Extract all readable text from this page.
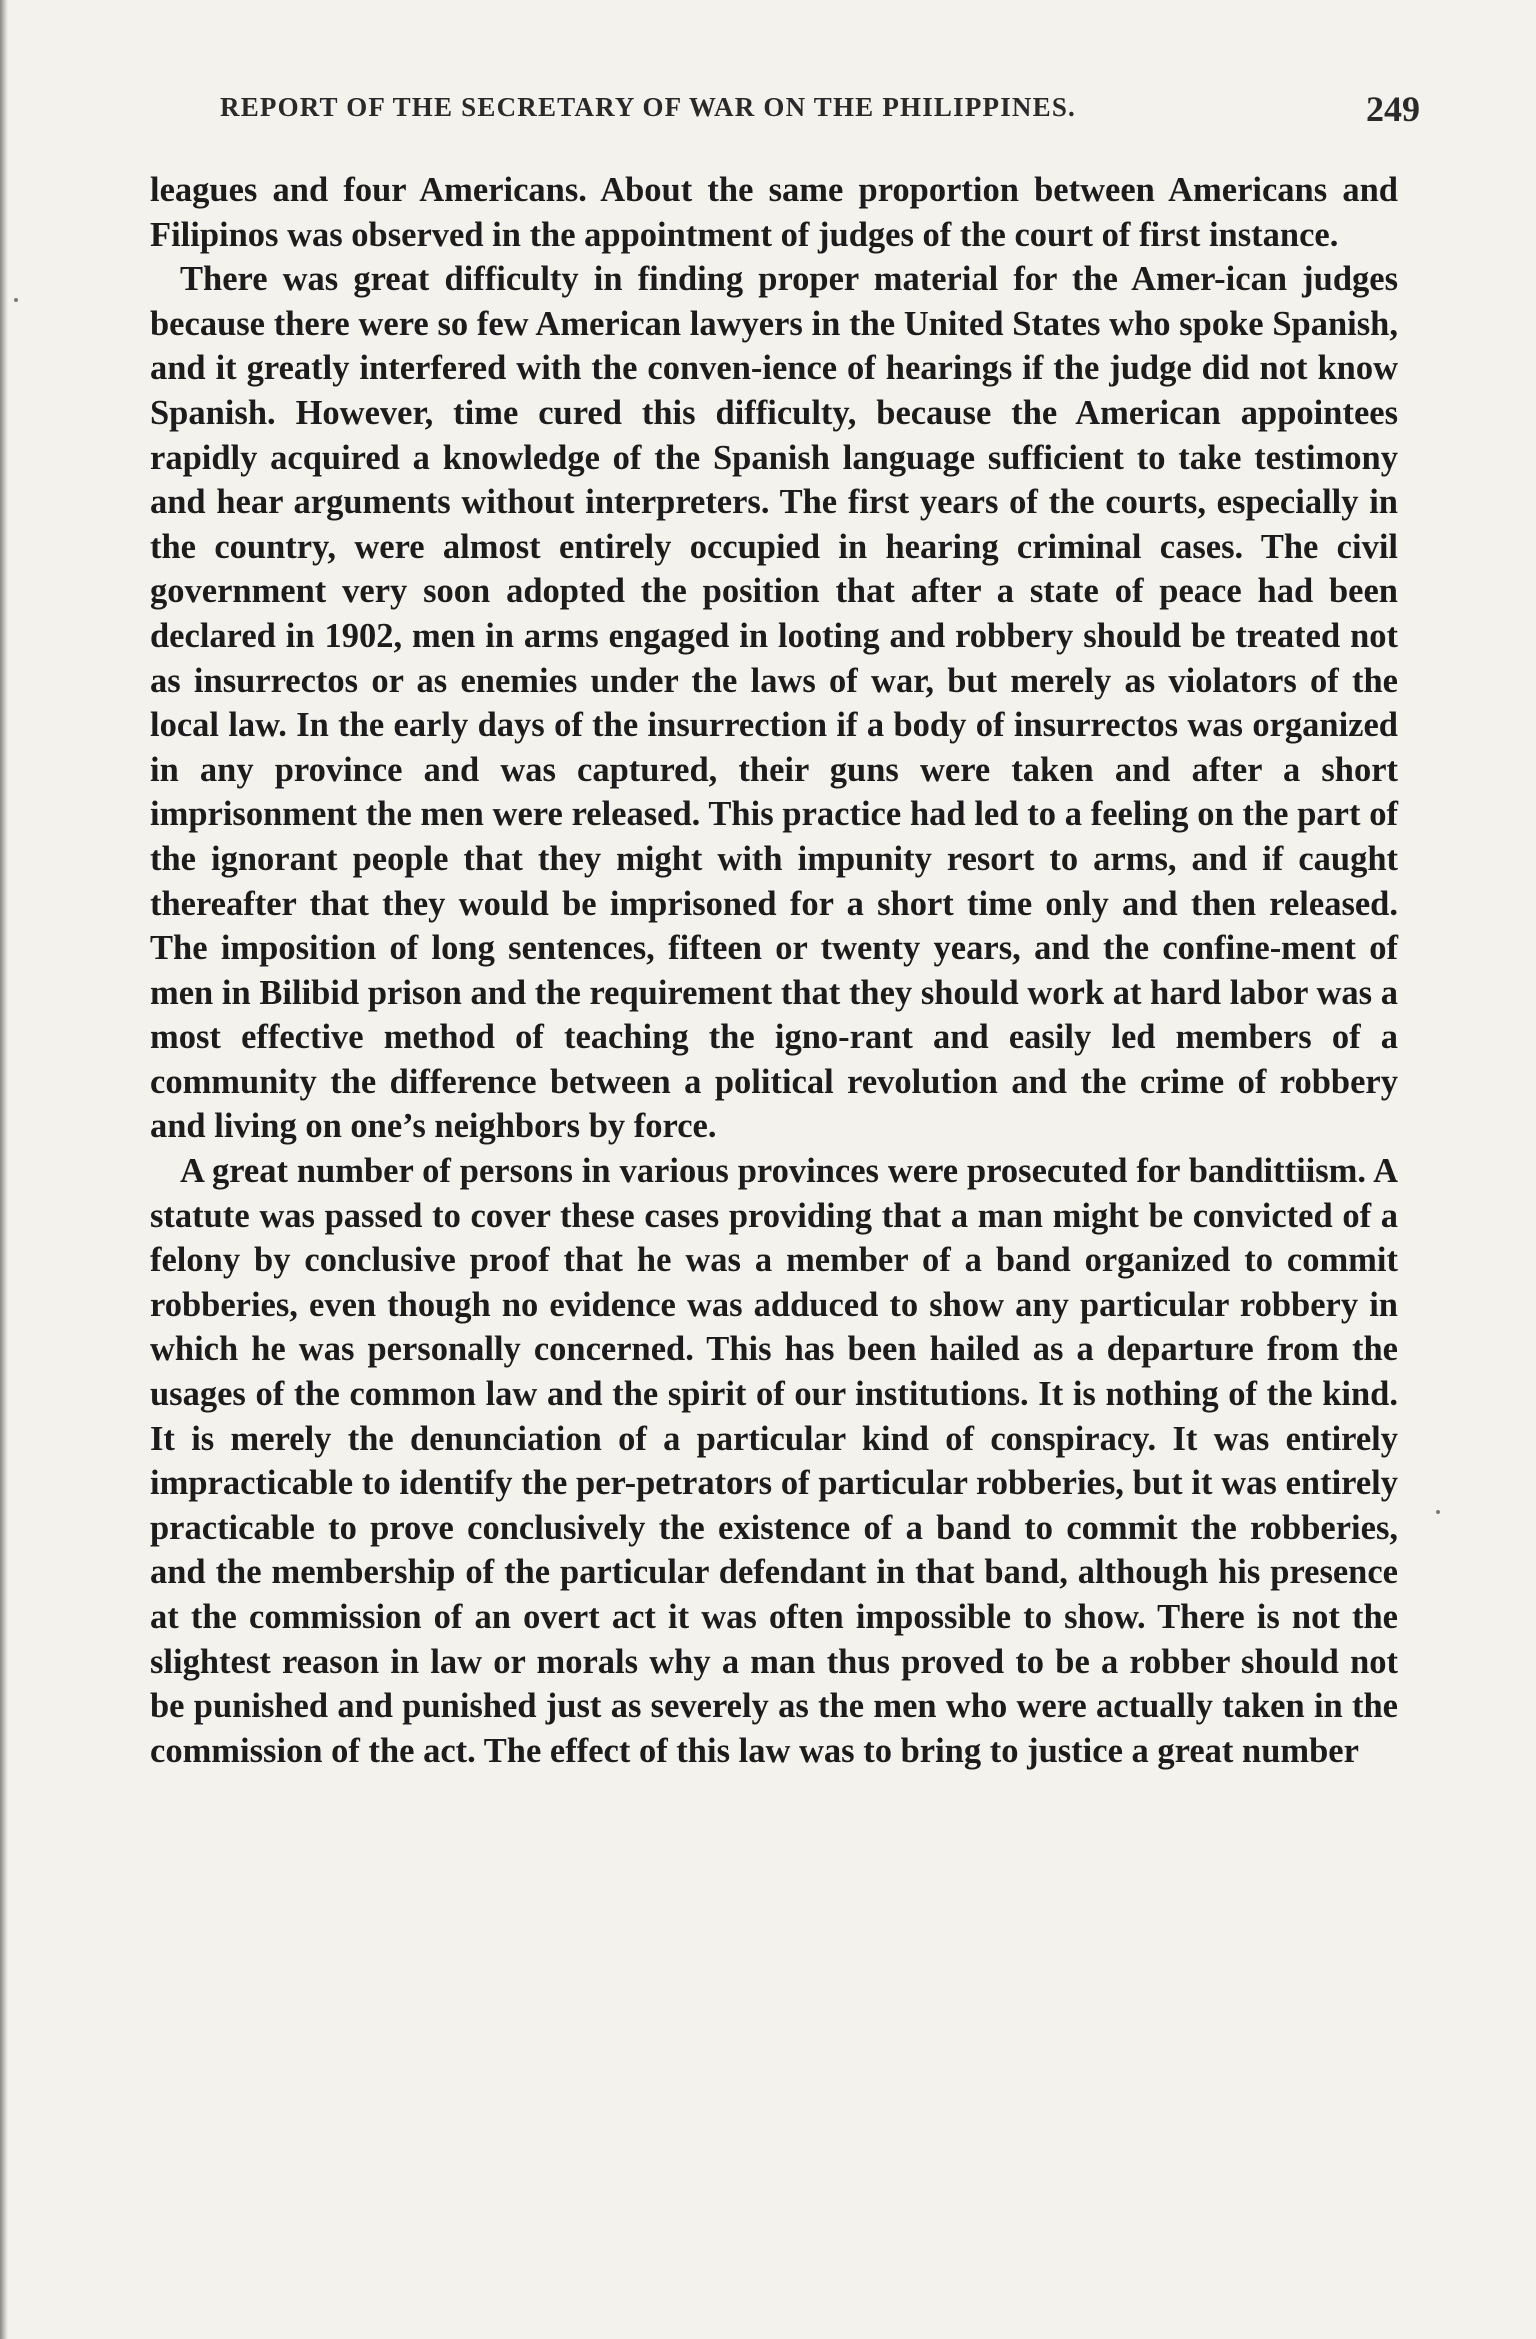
REPORT OF THE SECRETARY OF WAR ON THE PHILIPPINES.	249

leagues and four Americans. About the same proportion between Americans and Filipinos was observed in the appointment of judges of the court of first instance.

There was great difficulty in finding proper material for the Amer-ican judges because there were so few American lawyers in the United States who spoke Spanish, and it greatly interfered with the conven-ience of hearings if the judge did not know Spanish. However, time cured this difficulty, because the American appointees rapidly acquired a knowledge of the Spanish language sufficient to take testimony and hear arguments without interpreters. The first years of the courts, especially in the country, were almost entirely occupied in hearing criminal cases. The civil government very soon adopted the position that after a state of peace had been declared in 1902, men in arms engaged in looting and robbery should be treated not as insurrectos or as enemies under the laws of war, but merely as violators of the local law. In the early days of the insurrection if a body of insurrectos was organized in any province and was captured, their guns were taken and after a short imprisonment the men were released. This practice had led to a feeling on the part of the ignorant people that they might with impunity resort to arms, and if caught thereafter that they would be imprisoned for a short time only and then released. The imposition of long sentences, fifteen or twenty years, and the confine-ment of men in Bilibid prison and the requirement that they should work at hard labor was a most effective method of teaching the igno-rant and easily led members of a community the difference between a political revolution and the crime of robbery and living on one’s neighbors by force.

A great number of persons in various provinces were prosecuted for bandittiism. A statute was passed to cover these cases providing that a man might be convicted of a felony by conclusive proof that he was a member of a band organized to commit robberies, even though no evidence was adduced to show any particular robbery in which he was personally concerned. This has been hailed as a departure from the usages of the common law and the spirit of our institutions. It is nothing of the kind. It is merely the denunciation of a particular kind of conspiracy. It was entirely impracticable to identify the per-petrators of particular robberies, but it was entirely practicable to prove conclusively the existence of a band to commit the robberies, and the membership of the particular defendant in that band, although his presence at the commission of an overt act it was often impossible to show. There is not the slightest reason in law or morals why a man thus proved to be a robber should not be punished and punished just as severely as the men who were actually taken in the commission of the act. The effect of this law was to bring to justice a great number
